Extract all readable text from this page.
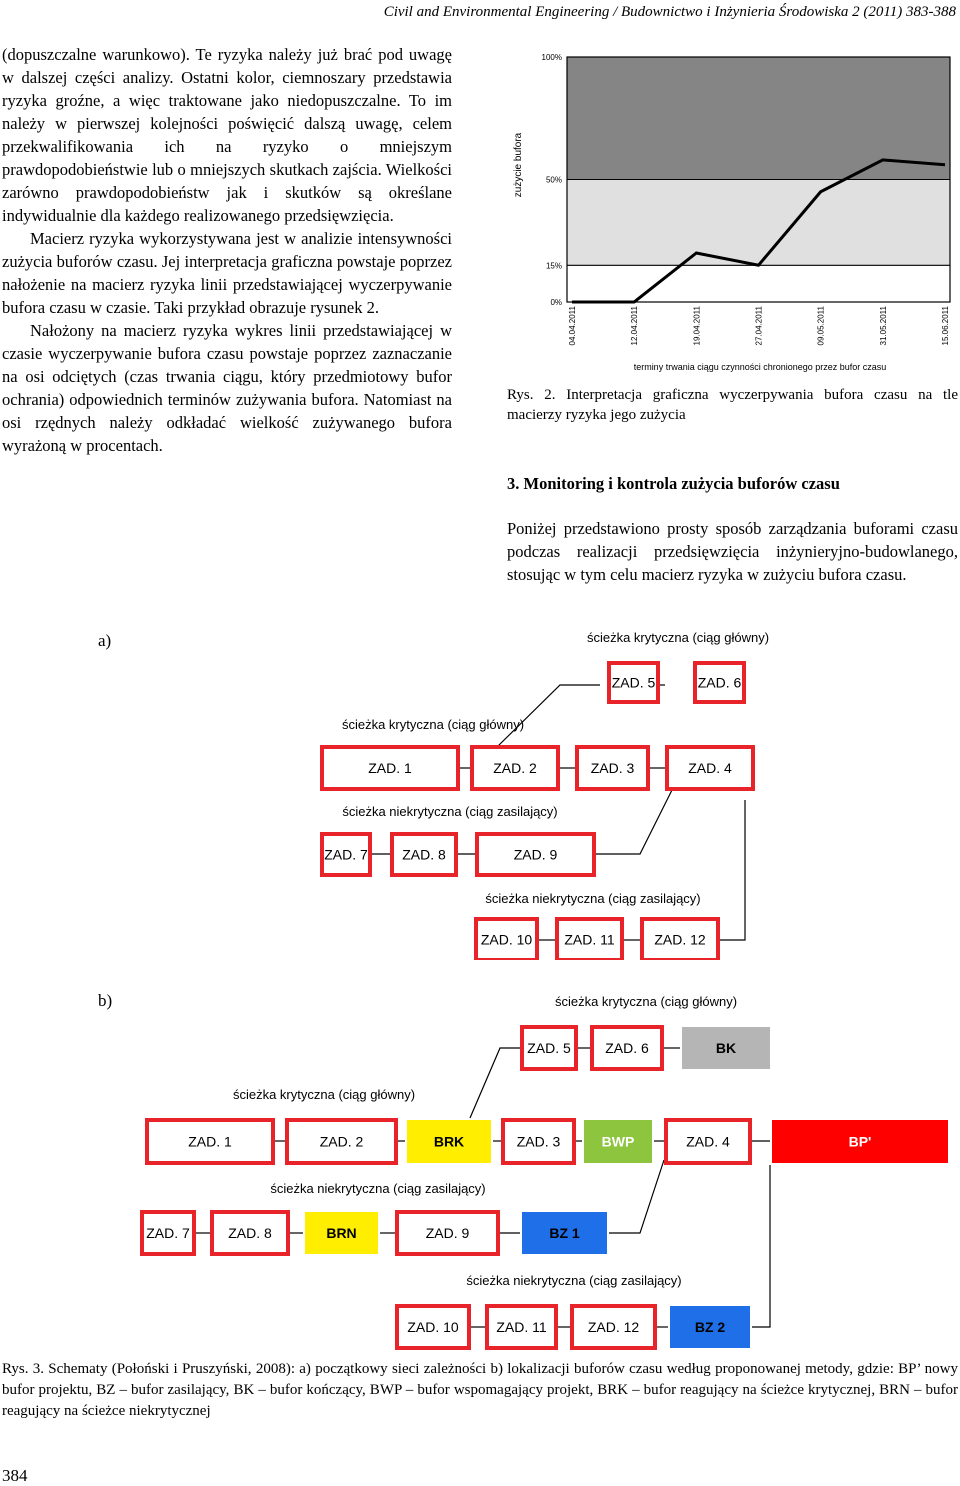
Civil and Environmental Engineering / Budownictwo i Inżynieria Środowiska 2 (2011) 383-388

(dopuszczalne warunkowo). Te ryzyka należy już brać pod uwagę w dalszej części analizy. Ostatni kolor, ciemnoszary przedstawia ryzyka groźne, a więc traktowane jako niedopuszczalne. To im należy w pierwszej kolejności poświęcić dalszą uwagę, celem przekwalifikowania ich na ryzyko o mniejszym prawdopodobieństwie lub o mniejszych skutkach zajścia. Wielkości zarówno prawdopodobieństw jak i skutków są określane indywidualnie dla każdego realizowanego przedsięwzięcia.

Macierz ryzyka wykorzystywana jest w analizie intensywności zużycia buforów czasu. Jej interpretacja graficzna powstaje poprzez nałożenie na macierz ryzyka linii przedstawiającej wyczerpywanie bufora czasu w czasie. Taki przykład obrazuje rysunek 2.

Nałożony na macierz ryzyka wykres linii przedstawiającej w czasie wyczerpywanie bufora czasu powstaje poprzez zaznaczanie na osi odciętych (czas trwania ciągu, który przedmiotowy bufor ochrania) odpowiednich terminów zużywania bufora. Natomiast na osi rzędnych należy odkładać wielkość zużywanego bufora wyrażoną w procentach.

100%
50%
15%
0%
04.04.2011	12.04.2011	19.04.2011	27.04.2011	09.05.2011	31.05.2011	15.06.2011
zużycie bufora
terminy trwania ciągu czynności chronionego przez bufor czasu
Rys. 2. Interpretacja graficzna wyczerpywania bufora czasu na tle macierzy ryzyka jego zużycia

3. Monitoring i kontrola zużycia buforów czasu

Poniżej przedstawiono prosty sposób zarządzania buforami czasu podczas realizacji przedsięwzięcia inżynieryjno-budowlanego, stosując w tym celu macierz ryzyka w zużyciu bufora czasu.

a)	ścieżka krytyczna (ciąg główny)
ścieżka krytyczna (ciąg główny)
ścieżka niekrytyczna (ciąg zasilający)
ścieżka niekrytyczna (ciąg zasilający)
ZAD. 5	ZAD. 6
ZAD. 1	ZAD. 2	ZAD. 3	ZAD. 4
ZAD. 7 ZAD. 8	ZAD. 9
ZAD. 10 ZAD. 11	ZAD. 12
b)	ścieżka krytyczna (ciąg główny)
ścieżka krytyczna (ciąg główny)
ścieżka niekrytyczna (ciąg zasilający)
ścieżka niekrytyczna (ciąg zasilający)
ZAD. 5 ZAD. 6	BK
ZAD. 1	ZAD. 2	BRK	ZAD. 3	BWP	ZAD. 4	BP'
ZAD. 7	ZAD. 8	BRN	ZAD. 9	BZ 1
ZAD. 10	ZAD. 11	ZAD. 12	BZ 2
Rys. 3. Schematy (Połoński i Pruszyński, 2008): a) początkowy sieci zależności b) lokalizacji buforów czasu według proponowanej metody, gdzie: BP’ nowy bufor projektu, BZ – bufor zasilający, BK – bufor kończący, BWP – bufor wspomagający projekt, BRK – bufor reagujący na ścieżce krytycznej, BRN – bufor reagujący na ścieżce niekrytycznej
384
